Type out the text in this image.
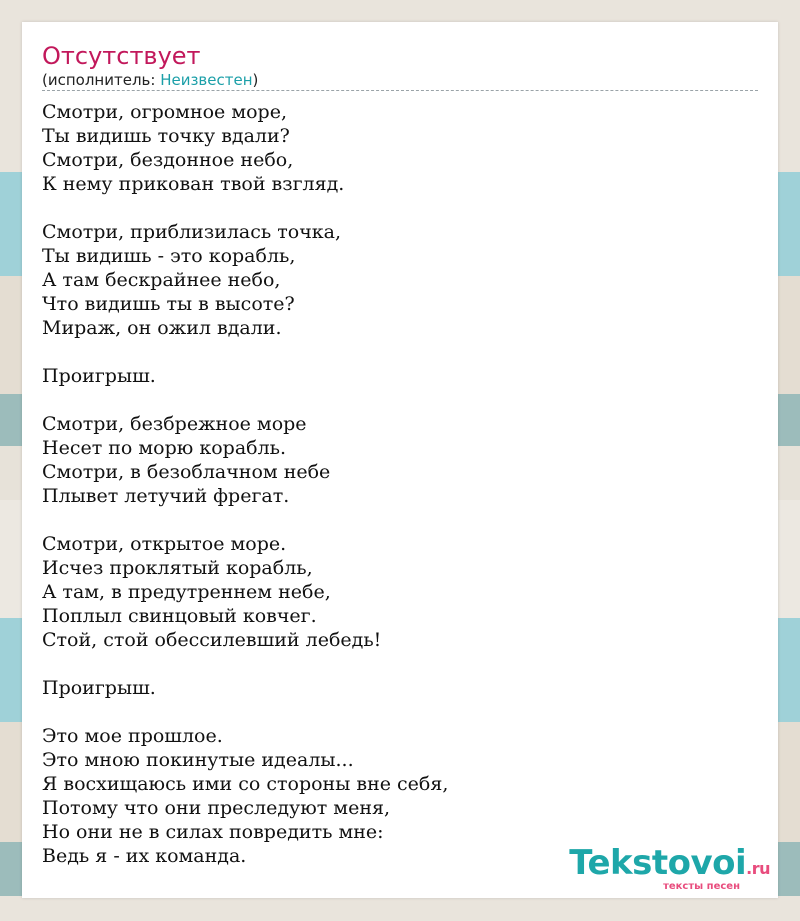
Отсутствует
(исполнитель: Неизвестен)
Смотри, огромное море,
Ты видишь точку вдали?
Смотри, бездонное небо,
К нему прикован твой взгляд.
Смотри, приблизилась точка,
Ты видишь - это корабль,
А там бескрайнее небо,
Что видишь ты в высоте?
Мираж, он ожил вдали.
Проигрыш.
Смотри, безбрежное море
Несет по морю корабль.
Смотри, в безоблачном небе
Плывет летучий фрегат.
Смотри, открытое море.
Исчез проклятый корабль,
А там, в предутреннем небе,
Поплыл свинцовый ковчег.
Стой, стой обессилевший лебедь!
Проигрыш.
Это мое прошлое.
Это мною покинутые идеалы...
Я восхищаюсь ими со стороны вне себя,
Потому что они преследуют меня,
Но они не в силах повредить мне:
Ведь я - их команда.	Tekstovoi.ru
тексты песен
